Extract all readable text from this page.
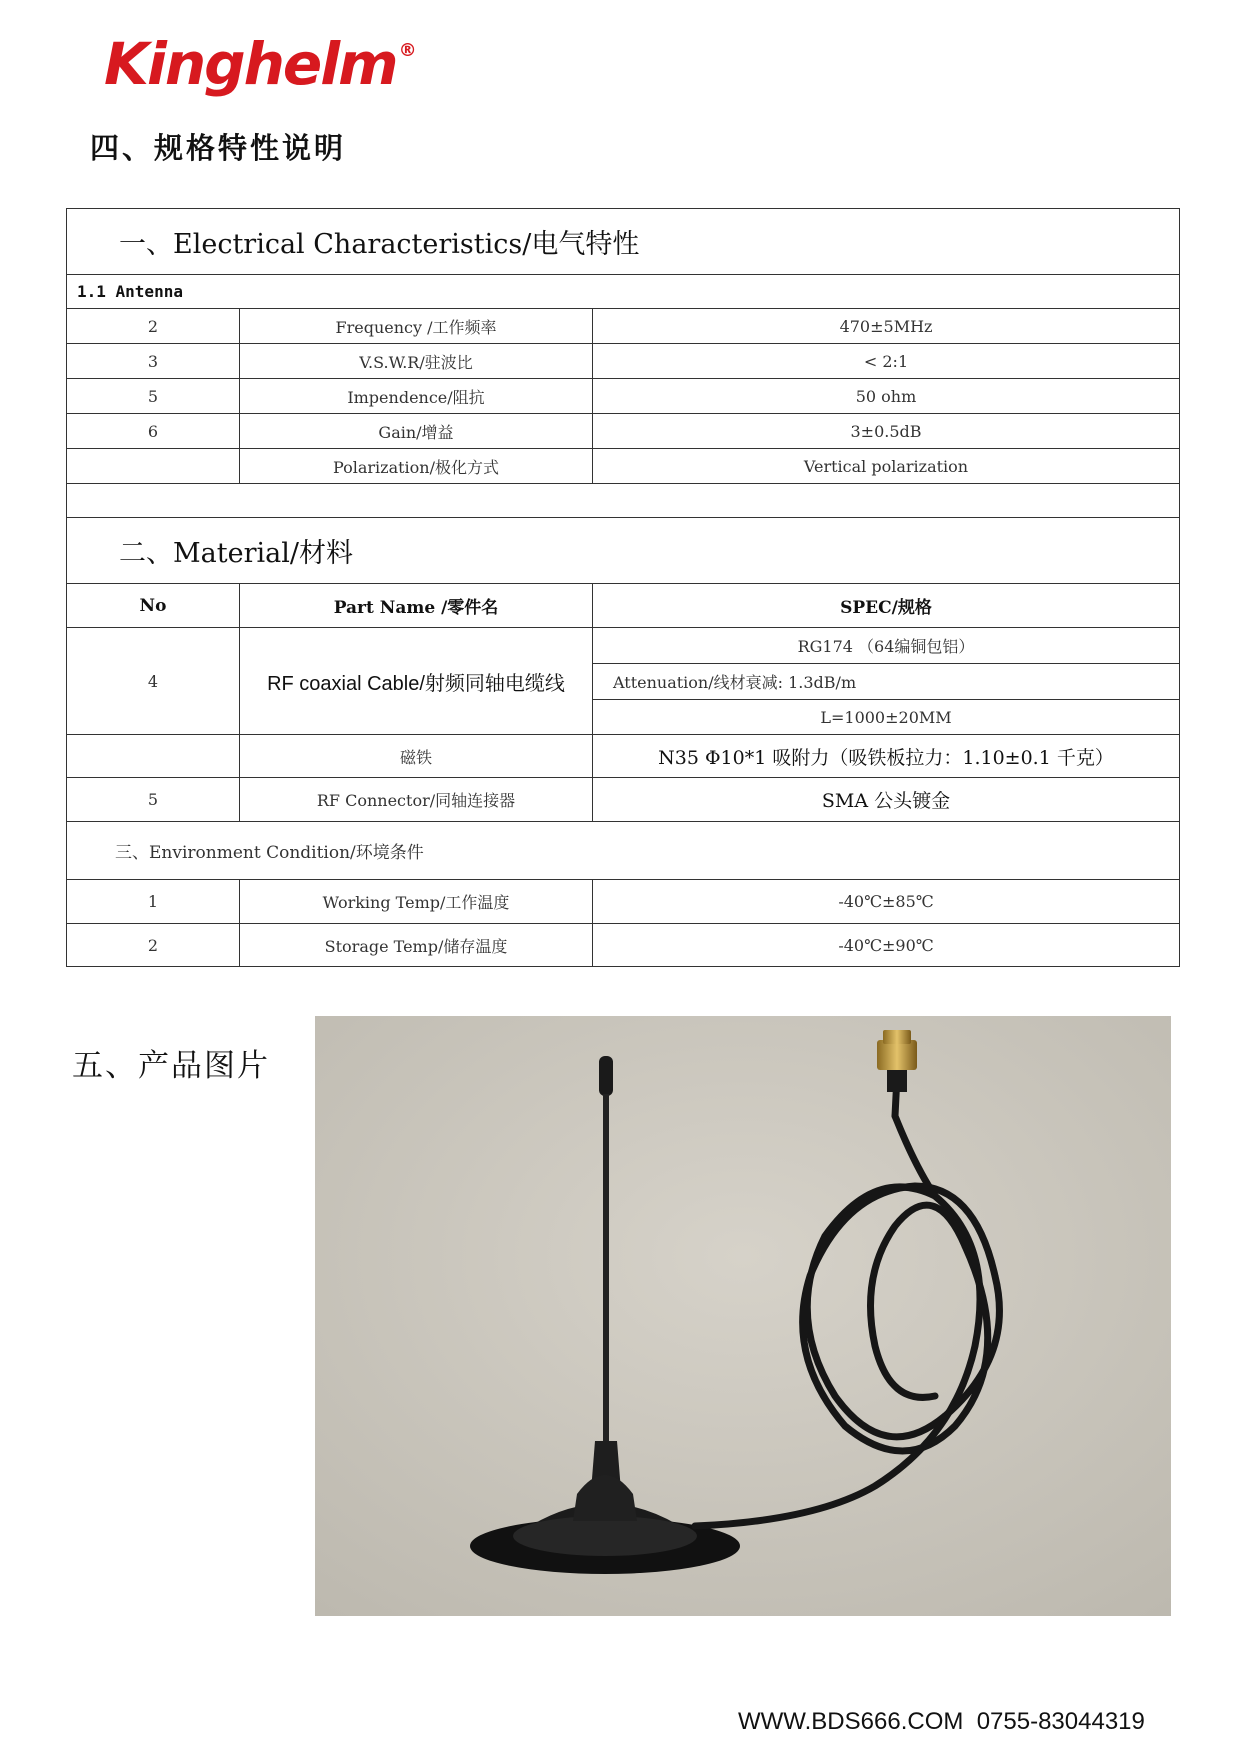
Kinghelm ®
四、规格特性说明
一、Electrical Characteristics/电气特性		
1.1 Antenna		
2	Frequency /工作频率	470±5MHz
3	V.S.W.R/驻波比	< 2:1
5	Impendence/阻抗	50 ohm
6	Gain/增益	3±0.5dB
	Polarization/极化方式	Vertical polarization

二、Material/材料		
No	Part Name /零件名	SPEC/规格
4	RF coaxial Cable/射频同轴电缆线	RG174 （64编铜包铝）
		Attenuation/线材衰减: 1.3dB/m
		L=1000±20MM
	磁铁	N35 Φ10*1 吸附力（吸铁板拉力：1.10±0.1 千克）
5	RF Connector/同轴连接器	SMA 公头镀金
三、Environment Condition/环境条件		
1	Working Temp/工作温度	-40℃±85℃
2	Storage Temp/储存温度	-40℃±90℃
五、产品图片
WWW.BDS666.COM 0755-83044319
